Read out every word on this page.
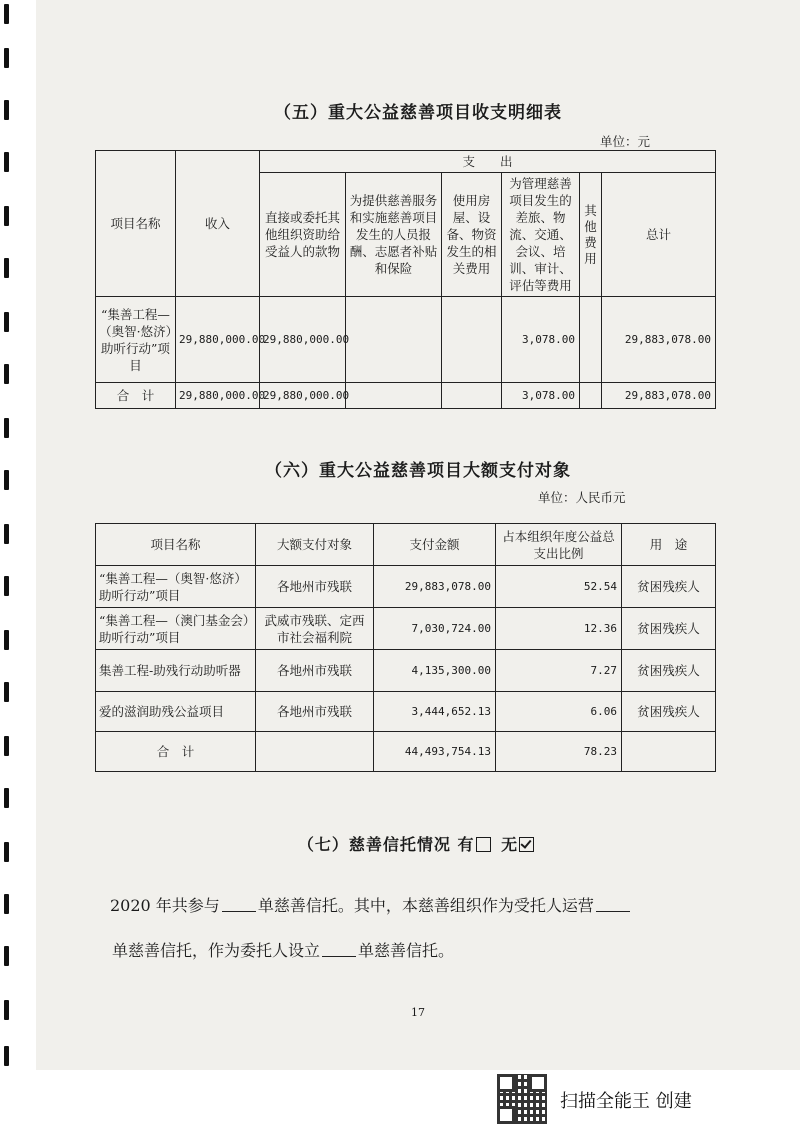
（五）重大公益慈善项目收支明细表
单位：元
项目名称	收入	支　　出					
		直接或委托其他组织资助给受益人的款物	为提供慈善服务和实施慈善项目发生的人员报酬、志愿者补贴和保险	使用房屋、设备、物资发生的相关费用	为管理慈善项目发生的差旅、物流、交通、会议、培训、审计、评估等费用	其他费用	总计
“集善工程—（奥智·悠济）助听行动”项目	29,880,000.00	29,880,000.00			3,078.00		29,883,078.00
合　计	29,880,000.00	29,880,000.00			3,078.00		29,883,078.00
（六）重大公益慈善项目大额支付对象
单位：人民币元
项目名称	大额支付对象	支付金额	占本组织年度公益总支出比例	用　途
“集善工程—（奥智·悠济）助听行动”项目	各地州市残联	29,883,078.00	52.54	贫困残疾人
“集善工程—（澳门基金会）助听行动”项目	武威市残联、定西市社会福利院	7,030,724.00	12.36	贫困残疾人
集善工程-助残行动助听器	各地州市残联	4,135,300.00	7.27	贫困残疾人
爱的滋润助残公益项目	各地州市残联	3,444,652.13	6.06	贫困残疾人
合　计		44,493,754.13	78.23	
（七）慈善信托情况 有 无
2020 年共参与 单慈善信托。其中，本慈善组织作为受托人运营
单慈善信托，作为委托人设立 单慈善信托。
17
扫描全能王 创建
